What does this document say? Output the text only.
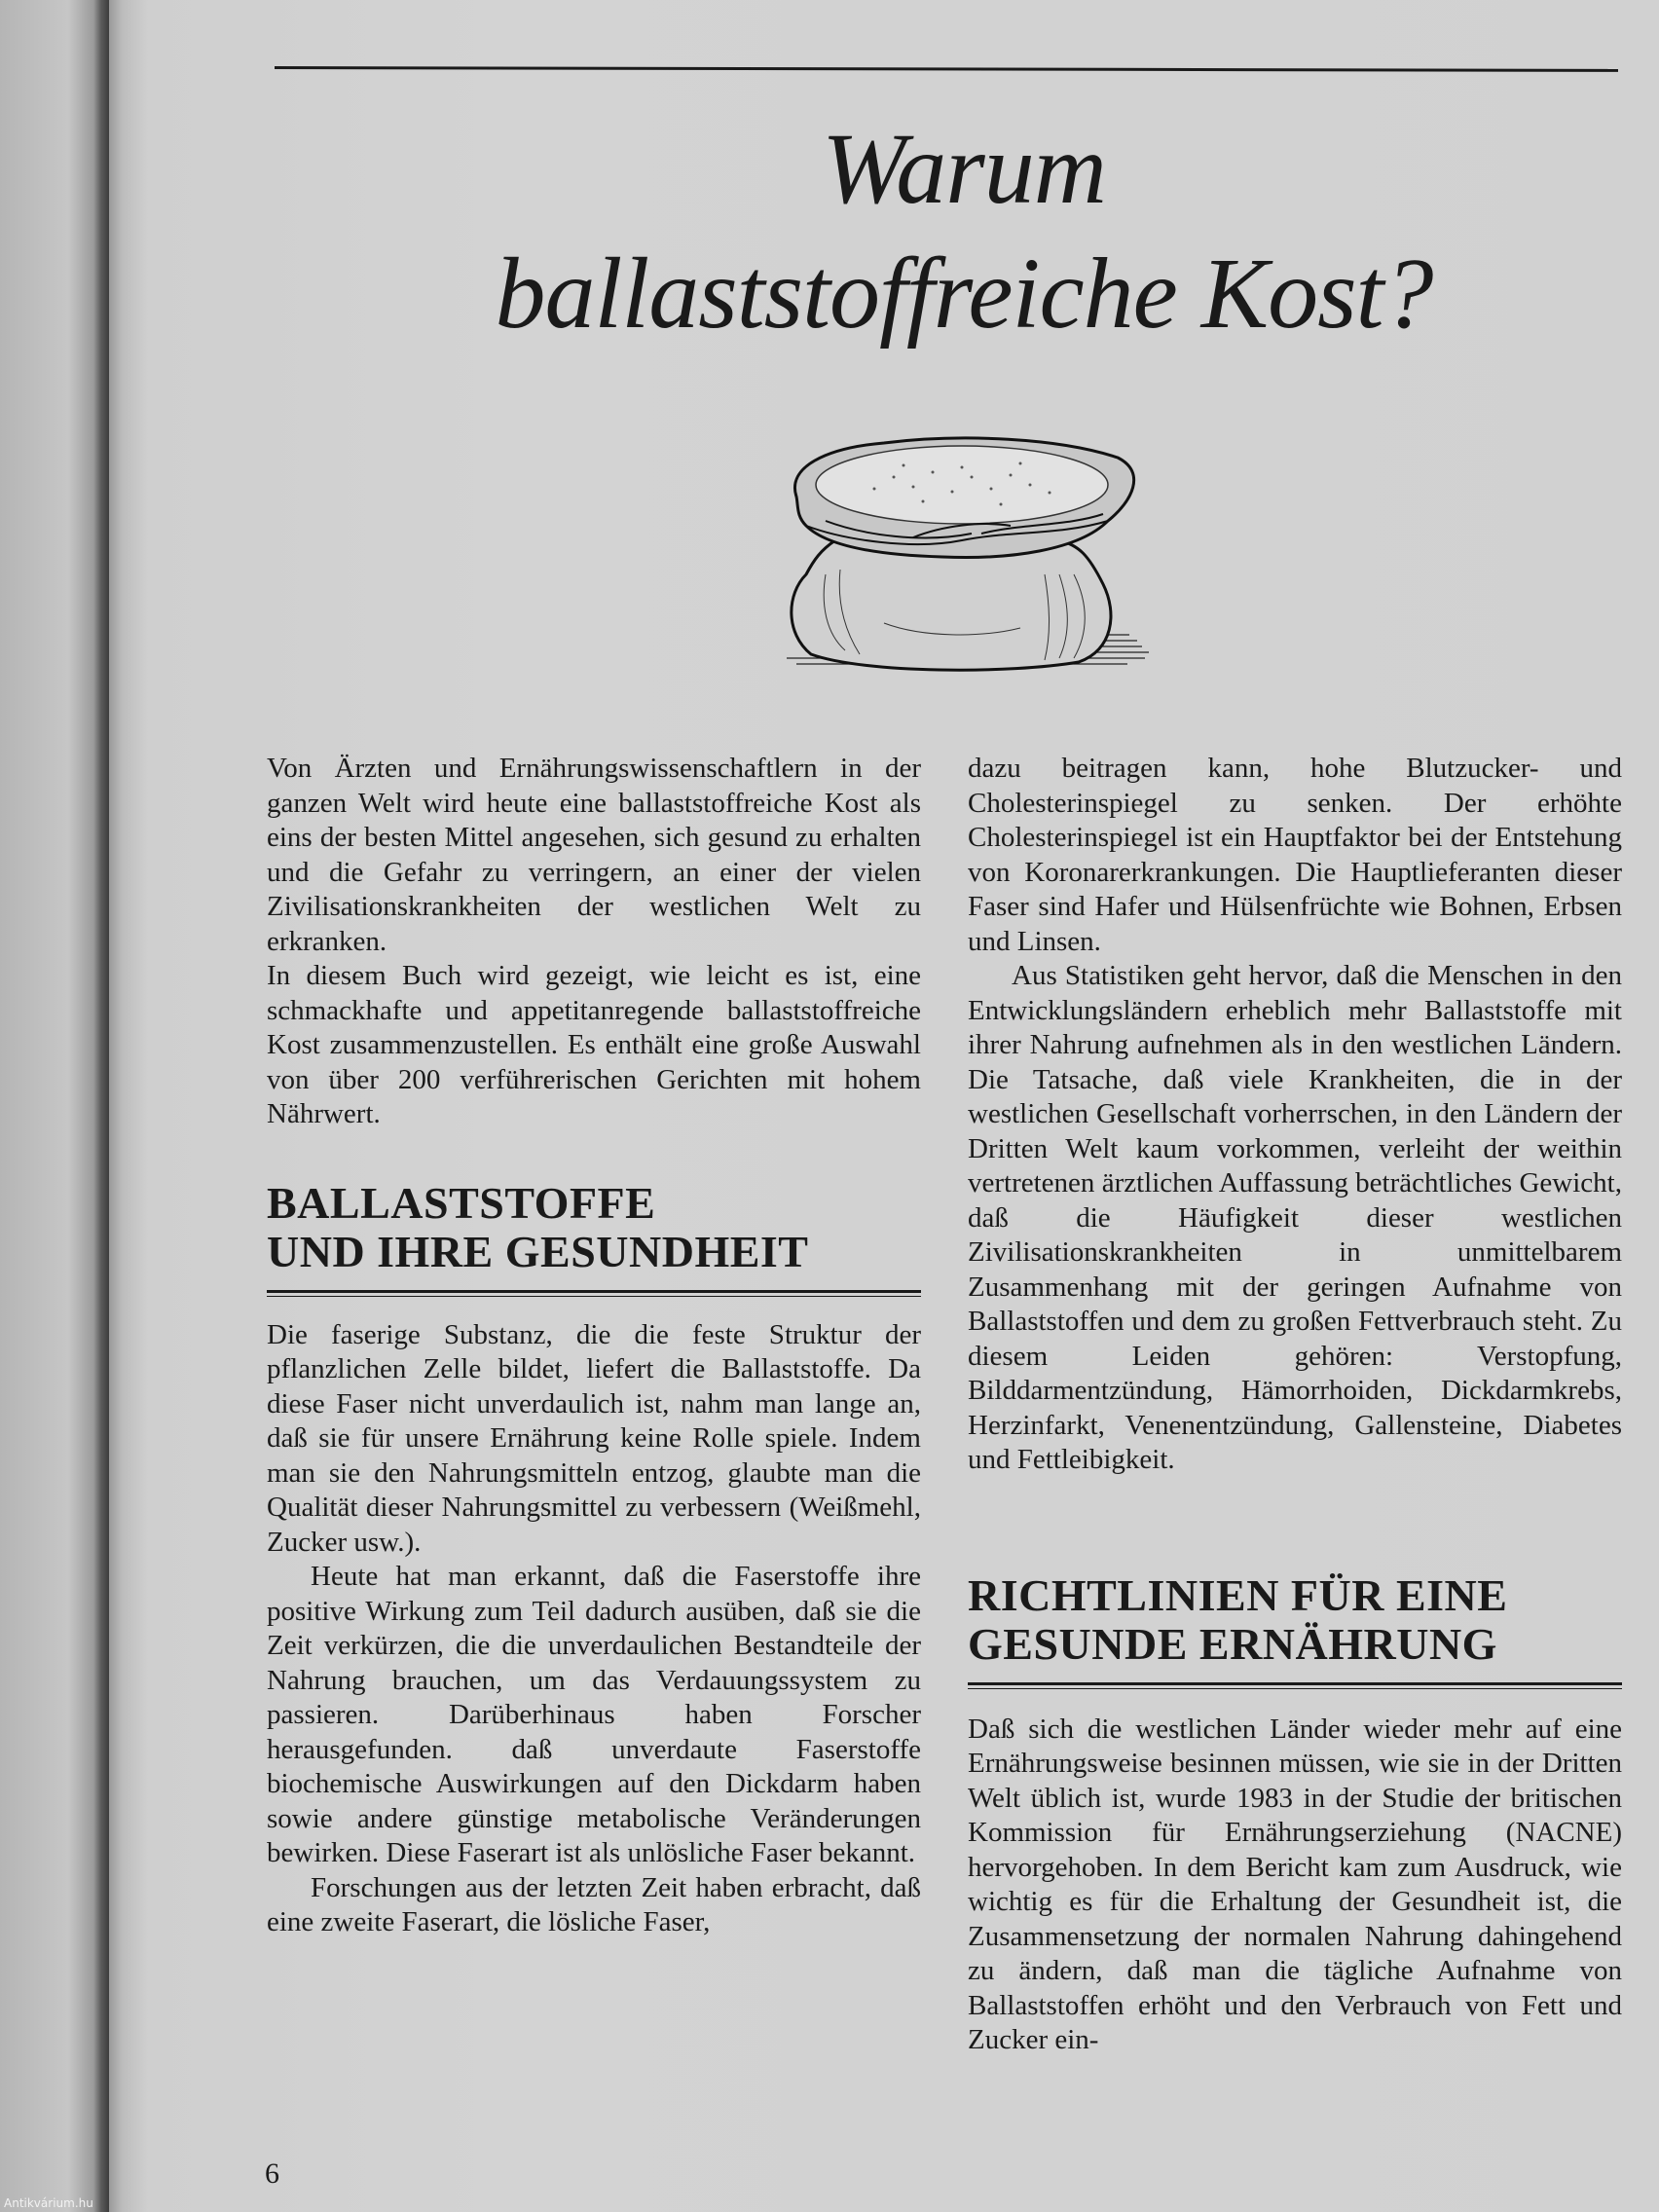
Warum
ballaststoffreiche Kost?

Von Ärzten und Ernährungswissenschaftlern in der ganzen Welt wird heute eine ballaststoffreiche Kost als eins der besten Mittel angesehen, sich gesund zu erhalten und die Gefahr zu verringern, an einer der vielen Zivilisationskrankheiten der westlichen Welt zu erkranken.

In diesem Buch wird gezeigt, wie leicht es ist, eine schmackhafte und appetitanregende ballaststoffreiche Kost zusammenzustellen. Es enthält eine große Auswahl von über 200 verführerischen Gerichten mit hohem Nährwert.

BALLASTSTOFFE
UND IHRE GESUNDHEIT

Die faserige Substanz, die die feste Struktur der pflanzlichen Zelle bildet, liefert die Ballaststoffe. Da diese Faser nicht unverdaulich ist, nahm man lange an, daß sie für unsere Ernährung keine Rolle spiele. Indem man sie den Nahrungsmitteln entzog, glaubte man die Qualität dieser Nahrungsmittel zu verbessern (Weißmehl, Zucker usw.).

Heute hat man erkannt, daß die Faserstoffe ihre positive Wirkung zum Teil dadurch ausüben, daß sie die Zeit verkürzen, die die unverdaulichen Bestandteile der Nahrung brauchen, um das Verdauungssystem zu passieren. Darüberhinaus haben Forscher herausgefunden. daß unverdaute Faserstoffe biochemische Auswirkungen auf den Dickdarm haben sowie andere günstige metabolische Veränderungen bewirken. Diese Faserart ist als unlösliche Faser bekannt.

Forschungen aus der letzten Zeit haben erbracht, daß eine zweite Faserart, die lösliche Faser,

dazu beitragen kann, hohe Blutzucker- und Cholesterinspiegel zu senken. Der erhöhte Cholesterinspiegel ist ein Hauptfaktor bei der Entstehung von Koronarerkrankungen. Die Hauptlieferanten dieser Faser sind Hafer und Hülsenfrüchte wie Bohnen, Erbsen und Linsen.

Aus Statistiken geht hervor, daß die Menschen in den Entwicklungsländern erheblich mehr Ballaststoffe mit ihrer Nahrung aufnehmen als in den westlichen Ländern. Die Tatsache, daß viele Krankheiten, die in der westlichen Gesellschaft vorherrschen, in den Ländern der Dritten Welt kaum vorkommen, verleiht der weithin vertretenen ärztlichen Auffassung beträchtliches Gewicht, daß die Häufigkeit dieser westlichen Zivilisationskrankheiten in unmittelbarem Zusammenhang mit der geringen Aufnahme von Ballaststoffen und dem zu großen Fettverbrauch steht. Zu diesem Leiden gehören: Verstopfung, Bilddarmentzündung, Hämorrhoiden, Dickdarmkrebs, Herzinfarkt, Venenentzündung, Gallensteine, Diabetes und Fettleibigkeit.

RICHTLINIEN FÜR EINE
GESUNDE ERNÄHRUNG

Daß sich die westlichen Länder wieder mehr auf eine Ernährungsweise besinnen müssen, wie sie in der Dritten Welt üblich ist, wurde 1983 in der Studie der britischen Kommission für Ernährungserziehung (NACNE) hervorgehoben. In dem Bericht kam zum Ausdruck, wie wichtig es für die Erhaltung der Gesundheit ist, die Zusammensetzung der normalen Nahrung dahingehend zu ändern, daß man die tägliche Aufnahme von Ballaststoffen erhöht und den Verbrauch von Fett und Zucker ein-

6
Antikvárium.hu
